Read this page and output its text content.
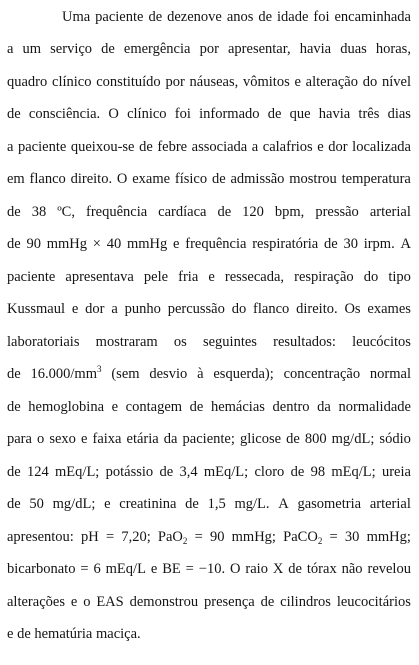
Uma paciente de dezenove anos de idade foi encaminhada
a um serviço de emergência por apresentar, havia duas horas,
quadro clínico constituído por náuseas, vômitos e alteração do nível
de consciência. O clínico foi informado de que havia três dias
a paciente queixou-se de febre associada a calafrios e dor localizada
em flanco direito. O exame físico de admissão mostrou temperatura
de 38 ºC, frequência cardíaca de 120 bpm, pressão arterial
de 90 mmHg × 40 mmHg e frequência respiratória de 30 irpm. A
paciente apresentava pele fria e ressecada, respiração do tipo
Kussmaul e dor a punho percussão do flanco direito. Os exames
laboratoriais mostraram os seguintes resultados: leucócitos
de $16.000/mm^3$ (sem desvio à esquerda); concentração normal
de hemoglobina e contagem de hemácias dentro da normalidade
para o sexo e faixa etária da paciente; glicose de 800 mg/dL; sódio
de 124 mEq/L; potássio de 3,4 mEq/L; cloro de 98 mEq/L; ureia
de 50 mg/dL; e creatinina de 1,5 mg/L. A gasometria arterial
apresentou: pH = 7,20; PaO$_2$ = 90 mmHg; PaCO$_2$ = 30 mmHg;
bicarbonato = 6 mEq/L e BE = −10. O raio X de tórax não revelou
alterações e o EAS demonstrou presença de cilindros leucocitários
e de hematúria maciça.
